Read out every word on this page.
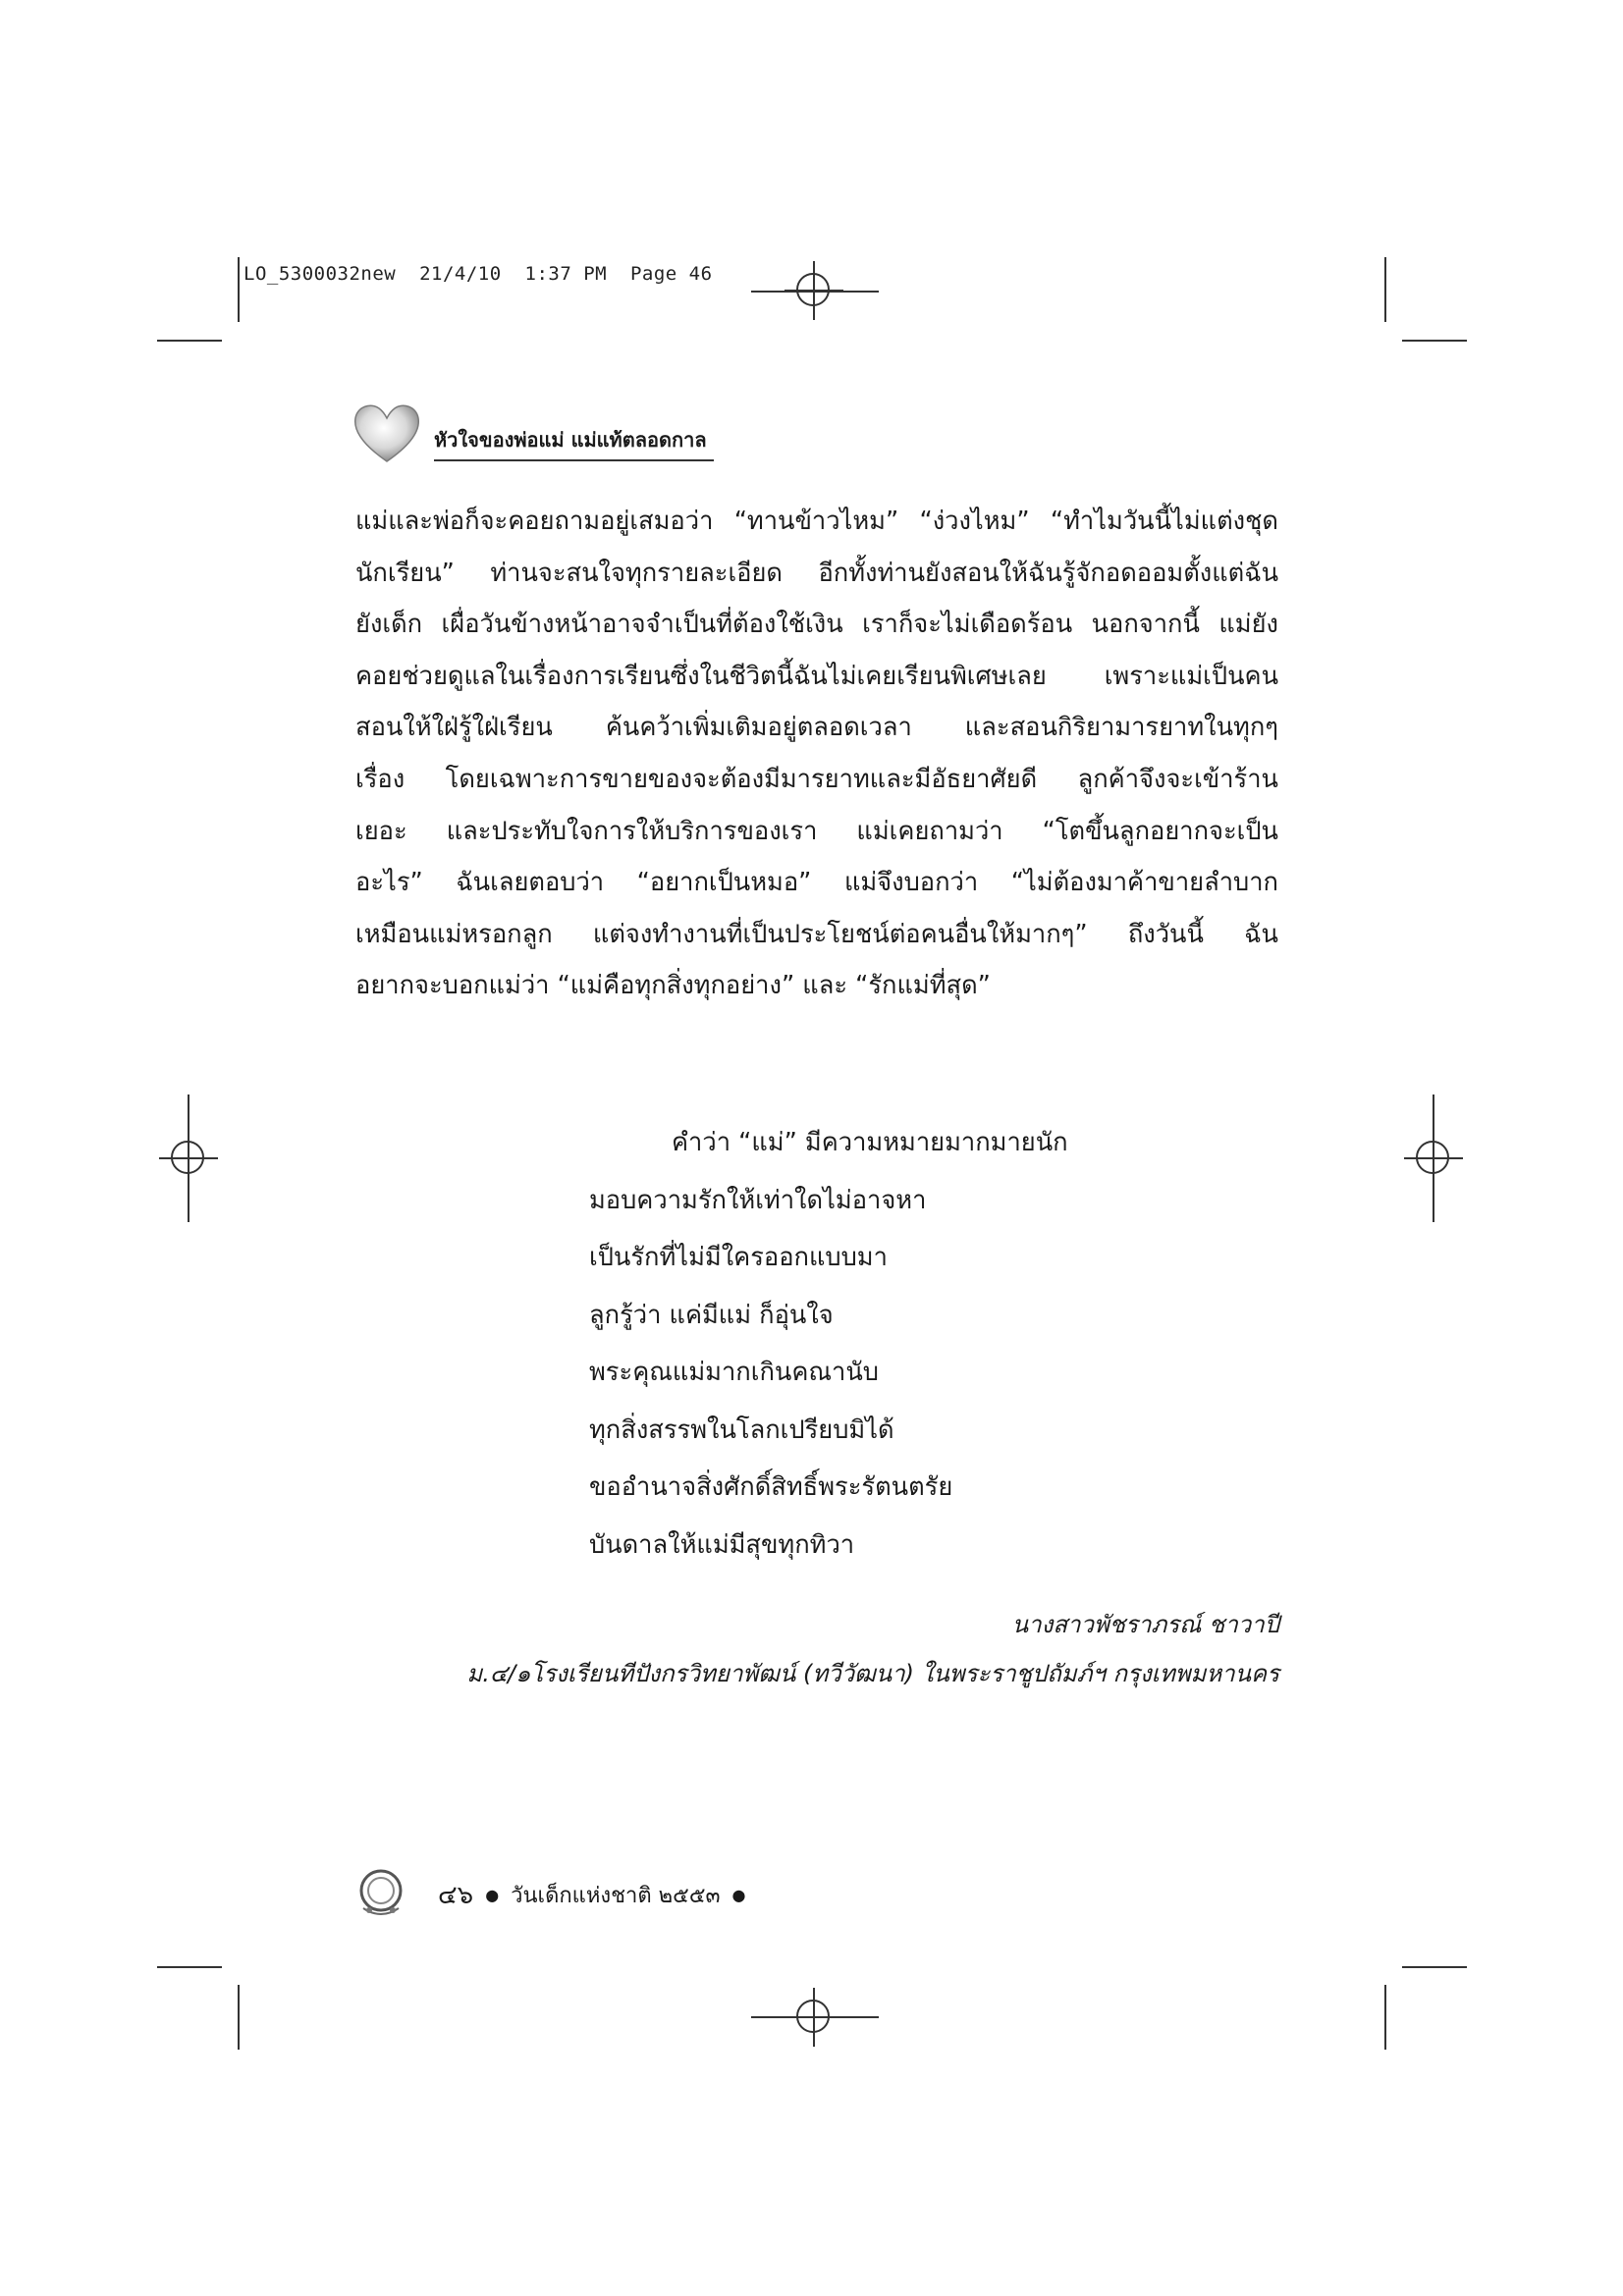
LO_5300032new  21/4/10  1:37 PM  Page 46
หัวใจของพ่อแม่ แม่แท้ตลอดกาล
แม่และพ่อก็จะคอยถามอยู่เสมอว่า “ทานข้าวไหม” “ง่วงไหม” “ทำไมวันนี้ไม่แต่งชุด
นักเรียน” ท่านจะสนใจทุกรายละเอียด อีกทั้งท่านยังสอนให้ฉันรู้จักอดออมตั้งแต่ฉัน
ยังเด็ก เผื่อวันข้างหน้าอาจจำเป็นที่ต้องใช้เงิน เราก็จะไม่เดือดร้อน นอกจากนี้ แม่ยัง
คอยช่วยดูแลในเรื่องการเรียนซึ่งในชีวิตนี้ฉันไม่เคยเรียนพิเศษเลย เพราะแม่เป็นคน
สอนให้ใฝ่รู้ใฝ่เรียน ค้นคว้าเพิ่มเติมอยู่ตลอดเวลา และสอนกิริยามารยาทในทุกๆ
เรื่อง โดยเฉพาะการขายของจะต้องมีมารยาทและมีอัธยาศัยดี ลูกค้าจึงจะเข้าร้าน
เยอะ และประทับใจการให้บริการของเรา แม่เคยถามว่า “โตขึ้นลูกอยากจะเป็น
อะไร” ฉันเลยตอบว่า “อยากเป็นหมอ” แม่จึงบอกว่า “ไม่ต้องมาค้าขายลำบาก
เหมือนแม่หรอกลูก แต่จงทำงานที่เป็นประโยชน์ต่อคนอื่นให้มากๆ” ถึงวันนี้ ฉัน
อยากจะบอกแม่ว่า “แม่คือทุกสิ่งทุกอย่าง” และ “รักแม่ที่สุด”
คำว่า “แม่” มีความหมายมากมายนัก
มอบความรักให้เท่าใดไม่อาจหา
เป็นรักที่ไม่มีใครออกแบบมา
ลูกรู้ว่า แค่มีแม่ ก็อุ่นใจ
พระคุณแม่มากเกินคณานับ
ทุกสิ่งสรรพในโลกเปรียบมิได้
ขออำนาจสิ่งศักดิ์สิทธิ์พระรัตนตรัย
บันดาลให้แม่มีสุขทุกทิวา
นางสาวพัชราภรณ์ ชาวาปี
ม.๔/๑โรงเรียนทีปังกรวิทยาพัฒน์ (ทวีวัฒนา) ในพระราชูปถัมภ์ฯ กรุงเทพมหานคร
๔๖ ● วันเด็กแห่งชาติ ๒๕๕๓ ●
